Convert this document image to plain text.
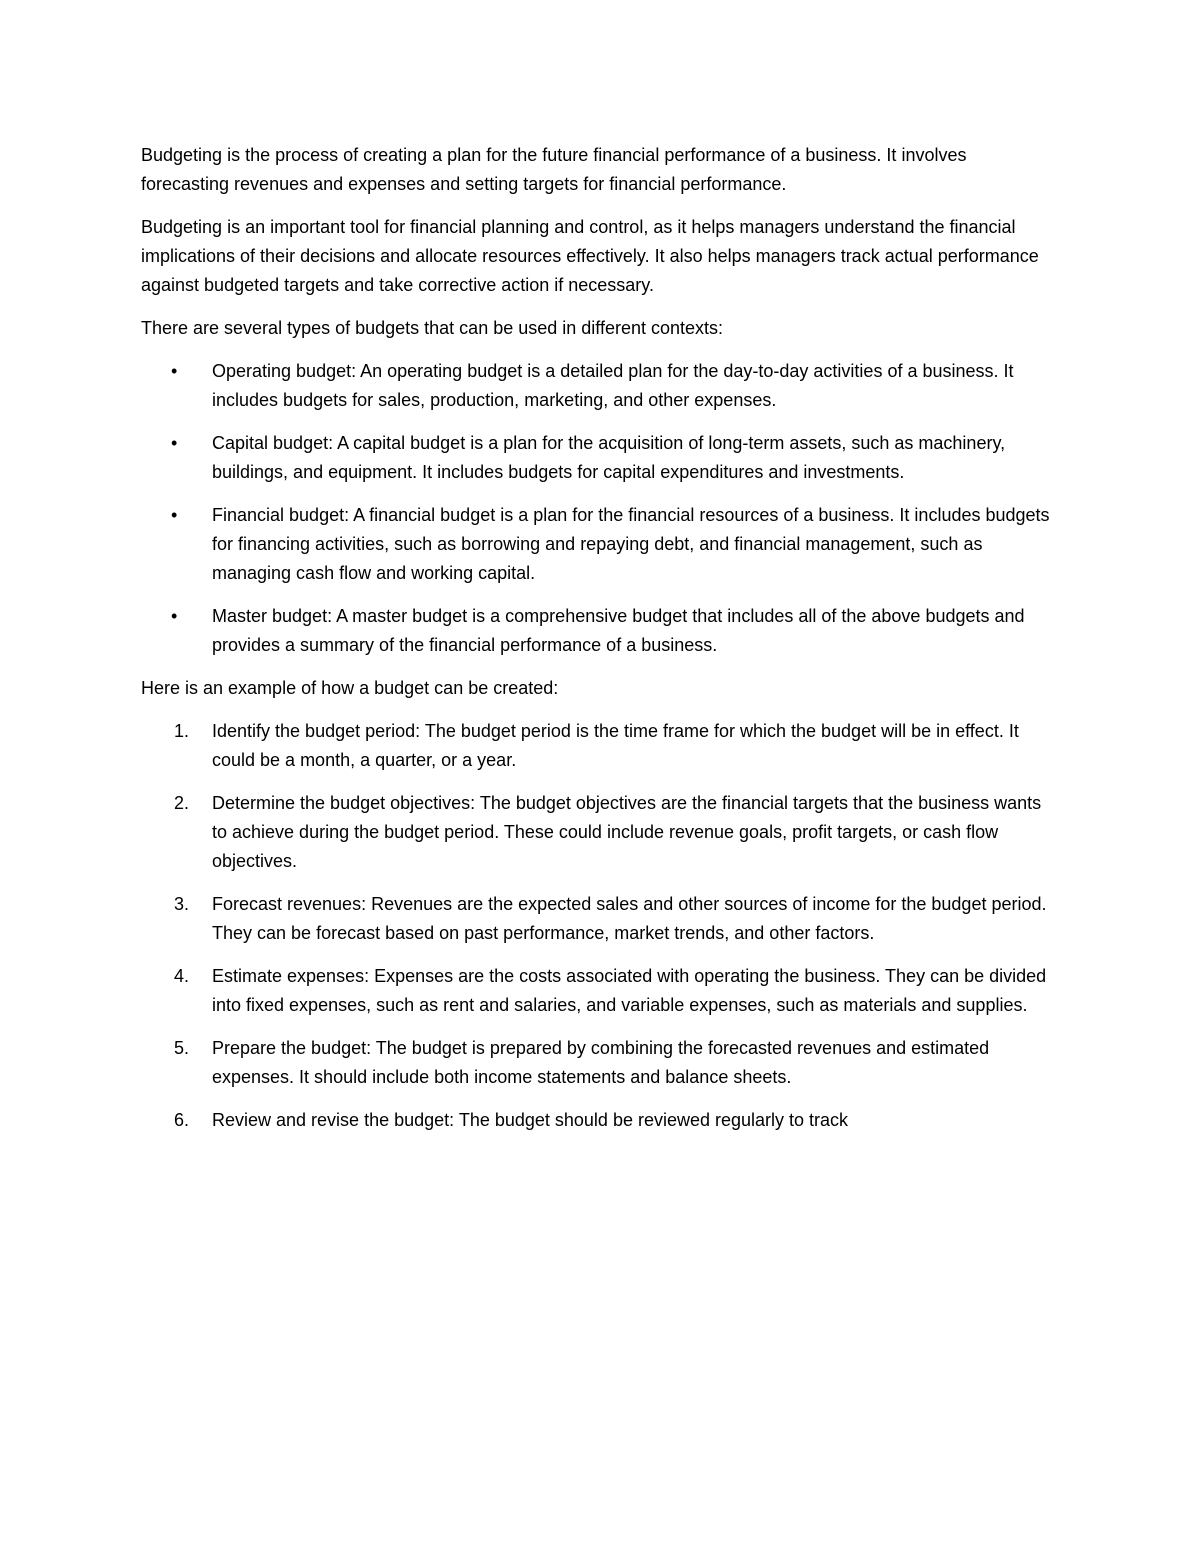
Budgeting is the process of creating a plan for the future financial performance of a business. It involves forecasting revenues and expenses and setting targets for financial performance.

Budgeting is an important tool for financial planning and control, as it helps managers understand the financial implications of their decisions and allocate resources effectively. It also helps managers track actual performance against budgeted targets and take corrective action if necessary.

There are several types of budgets that can be used in different contexts:

•	Operating budget: An operating budget is a detailed plan for the day-to-day activities of a business. It includes budgets for sales, production, marketing, and other expenses.
•	Capital budget: A capital budget is a plan for the acquisition of long-term assets, such as machinery, buildings, and equipment. It includes budgets for capital expenditures and investments.
•	Financial budget: A financial budget is a plan for the financial resources of a business. It includes budgets for financing activities, such as borrowing and repaying debt, and financial management, such as managing cash flow and working capital.
•	Master budget: A master budget is a comprehensive budget that includes all of the above budgets and provides a summary of the financial performance of a business.

Here is an example of how a budget can be created:

1.	Identify the budget period: The budget period is the time frame for which the budget will be in effect. It could be a month, a quarter, or a year.
2.	Determine the budget objectives: The budget objectives are the financial targets that the business wants to achieve during the budget period. These could include revenue goals, profit targets, or cash flow objectives.
3.	Forecast revenues: Revenues are the expected sales and other sources of income for the budget period. They can be forecast based on past performance, market trends, and other factors.
4.	Estimate expenses: Expenses are the costs associated with operating the business. They can be divided into fixed expenses, such as rent and salaries, and variable expenses, such as materials and supplies.
5.	Prepare the budget: The budget is prepared by combining the forecasted revenues and estimated expenses. It should include both income statements and balance sheets.
6.	Review and revise the budget: The budget should be reviewed regularly to track
